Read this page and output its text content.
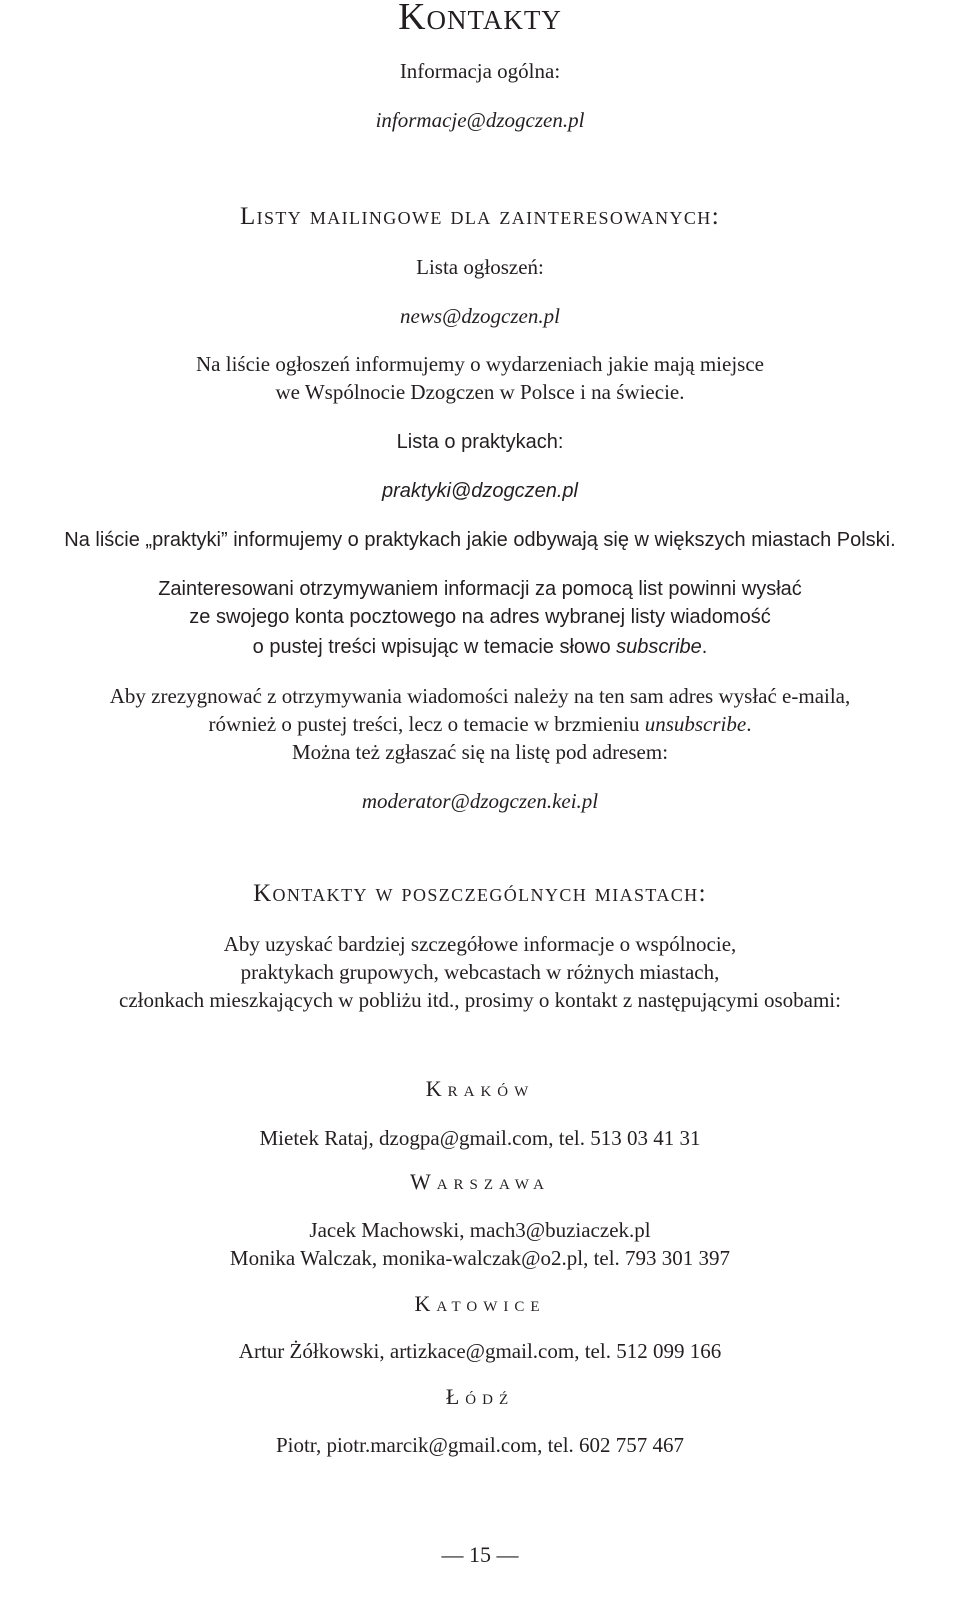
Kontakty
Informacja ogólna:
informacje@dzogczen.pl
Listy mailingowe dla zainteresowanych:
Lista ogłoszeń:
news@dzogczen.pl
Na liście ogłoszeń informujemy o wydarzeniach jakie mają miejsce
we Wspólnocie Dzogczen w Polsce i na świecie.
Lista o praktykach:
praktyki@dzogczen.pl
Na liście „praktyki” informujemy o praktykach jakie odbywają się w większych miastach Polski.
Zainteresowani otrzymywaniem informacji za pomocą list powinni wysłać
ze swojego konta pocztowego na adres wybranej listy wiadomość
o pustej treści wpisując w temacie słowo subscribe.
Aby zrezygnować z otrzymywania wiadomości należy na ten sam adres wysłać e-maila,
również o pustej treści, lecz o temacie w brzmieniu unsubscribe.
Można też zgłaszać się na listę pod adresem:
moderator@dzogczen.kei.pl
Kontakty w poszczególnych miastach:
Aby uzyskać bardziej szczegółowe informacje o wspólnocie,
praktykach grupowych, webcastach w różnych miastach,
członkach mieszkających w pobliżu itd., prosimy o kontakt z następującymi osobami:
Kraków
Mietek Rataj, dzogpa@gmail.com, tel. 513 03 41 31
Warszawa
Jacek Machowski, mach3@buziaczek.pl
Monika Walczak, monika-walczak@o2.pl, tel. 793 301 397
Katowice
Artur Żółkowski, artizkace@gmail.com, tel. 512 099 166
Łódź
Piotr, piotr.marcik@gmail.com, tel. 602 757 467
— 15 —
